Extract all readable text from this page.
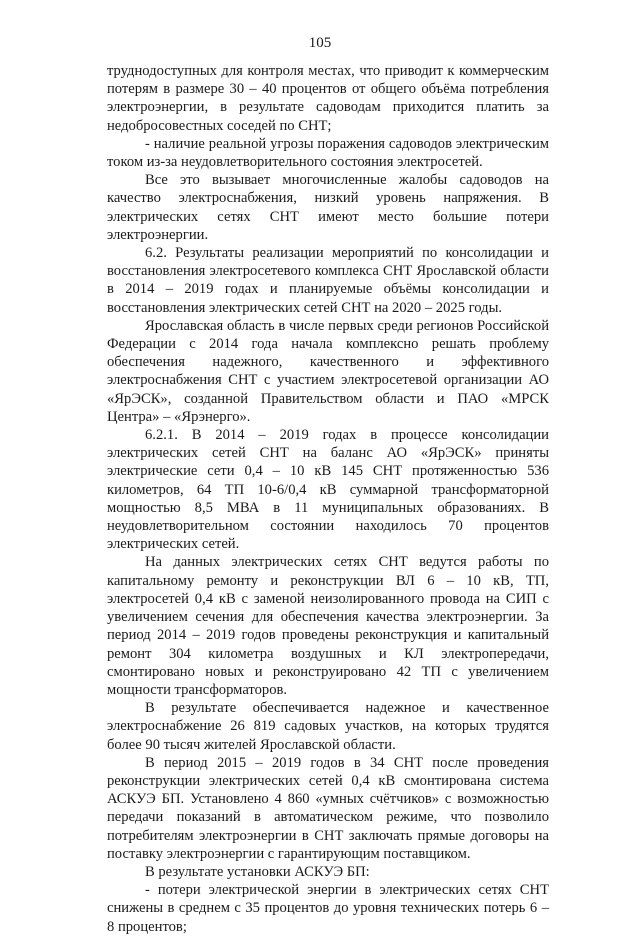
105

труднодоступных для контроля местах, что приводит к коммерческим потерям в размере 30 – 40 процентов от общего объёма потребления электроэнергии, в результате садоводам приходится платить за недобросовестных соседей по СНТ;

- наличие реальной угрозы поражения садоводов электрическим током из-за неудовлетворительного состояния электросетей.

Все это вызывает многочисленные жалобы садоводов на качество электроснабжения, низкий уровень напряжения. В электрических сетях СНТ имеют место большие потери электроэнергии.

6.2. Результаты реализации мероприятий по консолидации и восстановления электросетевого комплекса СНТ Ярославской области в 2014 – 2019 годах и планируемые объёмы консолидации и восстановления электрических сетей СНТ на 2020 – 2025 годы.

Ярославская область в числе первых среди регионов Российской Федерации с 2014 года начала комплексно решать проблему обеспечения надежного, качественного и эффективного электроснабжения СНТ с участием электросетевой организации АО «ЯрЭСК», созданной Правительством области и ПАО «МРСК Центра» – «Ярэнерго».

6.2.1. В 2014 – 2019 годах в процессе консолидации электрических сетей СНТ на баланс АО «ЯрЭСК» приняты электрические сети 0,4 – 10 кВ 145 СНТ протяженностью 536 километров, 64 ТП 10-6/0,4 кВ суммарной трансформаторной мощностью 8,5 МВА в 11 муниципальных образованиях. В неудовлетворительном состоянии находилось 70 процентов электрических сетей.

На данных электрических сетях СНТ ведутся работы по капитальному ремонту и реконструкции ВЛ 6 – 10 кВ, ТП, электросетей 0,4 кВ с заменой неизолированного провода на СИП с увеличением сечения для обеспечения качества электроэнергии. За период 2014 – 2019 годов проведены реконструкция и капитальный ремонт 304 километра воздушных и КЛ электропередачи, смонтировано новых и реконструировано 42 ТП с увеличением мощности трансформаторов.

В результате обеспечивается надежное и качественное электроснабжение 26 819 садовых участков, на которых трудятся более 90 тысяч жителей Ярославской области.

В период 2015 – 2019 годов в 34 СНТ после проведения реконструкции электрических сетей 0,4 кВ смонтирована система АСКУЭ БП. Установлено 4 860 «умных счётчиков» с возможностью передачи показаний в автоматическом режиме, что позволило потребителям электроэнергии в СНТ заключать прямые договоры на поставку электроэнергии с гарантирующим поставщиком.

В результате установки АСКУЭ БП:

- потери электрической энергии в электрических сетях СНТ снижены в среднем с 35 процентов до уровня технических потерь 6 – 8 процентов;
